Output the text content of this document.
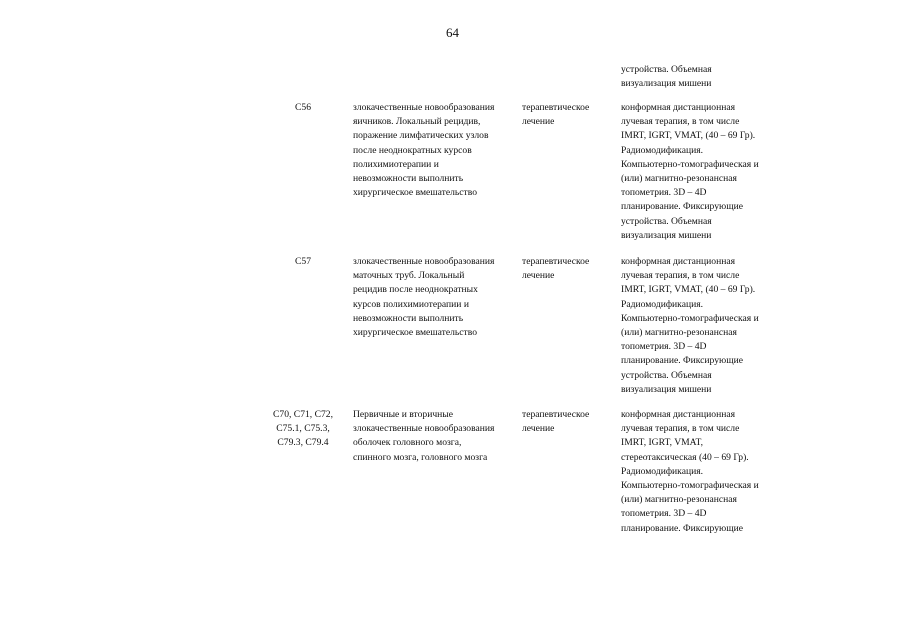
64
устройства. Объемная
визуализация мишени
C56	злокачественные новообразования
яичников. Локальный рецидив,
поражение лимфатических узлов
после неоднократных курсов
полихимиотерапии и
невозможности выполнить
хирургическое вмешательство
терапевтическое
лечение
конформная дистанционная
лучевая терапия, в том числе
IMRT, IGRT, VMAT, (40 – 69 Гр).
Радиомодификация.
Компьютерно-томографическая и
(или) магнитно-резонансная
топометрия. 3D – 4D
планирование. Фиксирующие
устройства. Объемная
визуализация мишени
C57	злокачественные новообразования
маточных труб. Локальный
рецидив после неоднократных
курсов полихимиотерапии и
невозможности выполнить
хирургическое вмешательство
терапевтическое
лечение
конформная дистанционная
лучевая терапия, в том числе
IMRT, IGRT, VMAT, (40 – 69 Гр).
Радиомодификация.
Компьютерно-томографическая и
(или) магнитно-резонансная
топометрия. 3D – 4D
планирование. Фиксирующие
устройства. Объемная
визуализация мишени
C70, C71, C72,
C75.1, C75.3,
C79.3, C79.4
Первичные и вторичные
злокачественные новообразования
оболочек головного мозга,
спинного мозга, головного мозга
терапевтическое
лечение
конформная дистанционная
лучевая терапия, в том числе
IMRT, IGRT, VMAT,
стереотаксическая (40 – 69 Гр).
Радиомодификация.
Компьютерно-томографическая и
(или) магнитно-резонансная
топометрия. 3D – 4D
планирование. Фиксирующие
